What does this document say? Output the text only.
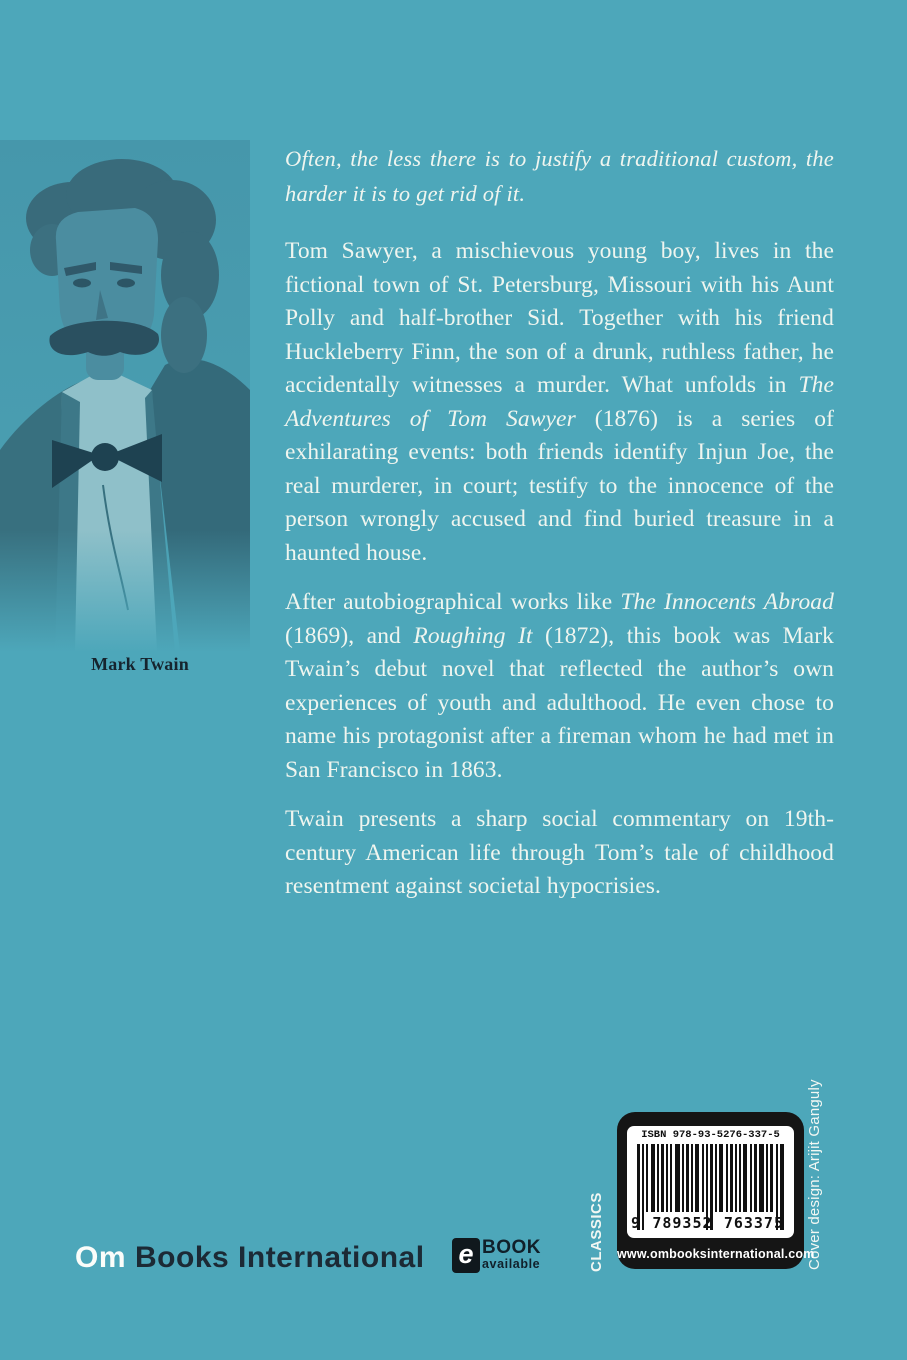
Mark Twain

Often, the less there is to justify a traditional custom, the harder it is to get rid of it.

Tom Sawyer, a mischievous young boy, lives in the fictional town of St. Petersburg, Missouri with his Aunt Polly and half-brother Sid. Together with his friend Huckleberry Finn, the son of a drunk, ruthless father, he accidentally witnesses a murder. What unfolds in The Adventures of Tom Sawyer (1876) is a series of exhilarating events: both friends identify Injun Joe, the real murderer, in court; testify to the innocence of the person wrongly accused and find buried treasure in a haunted house.

After autobiographical works like The Innocents Abroad (1869), and Roughing It (1872), this book was Mark Twain’s debut novel that reflected the author’s own experiences of youth and adulthood. He even chose to name his protagonist after a fireman whom he had met in San Francisco in 1863.

Twain presents a sharp social commentary on 19th-century American life through Tom’s tale of childhood resentment against societal hypocrisies.

Om Books International e BOOK
available	CLASSICS	Cover design: Arijit Ganguly
ISBN 978-93-5276-337-5
9 789352 763375
www.ombooksinternational.com
